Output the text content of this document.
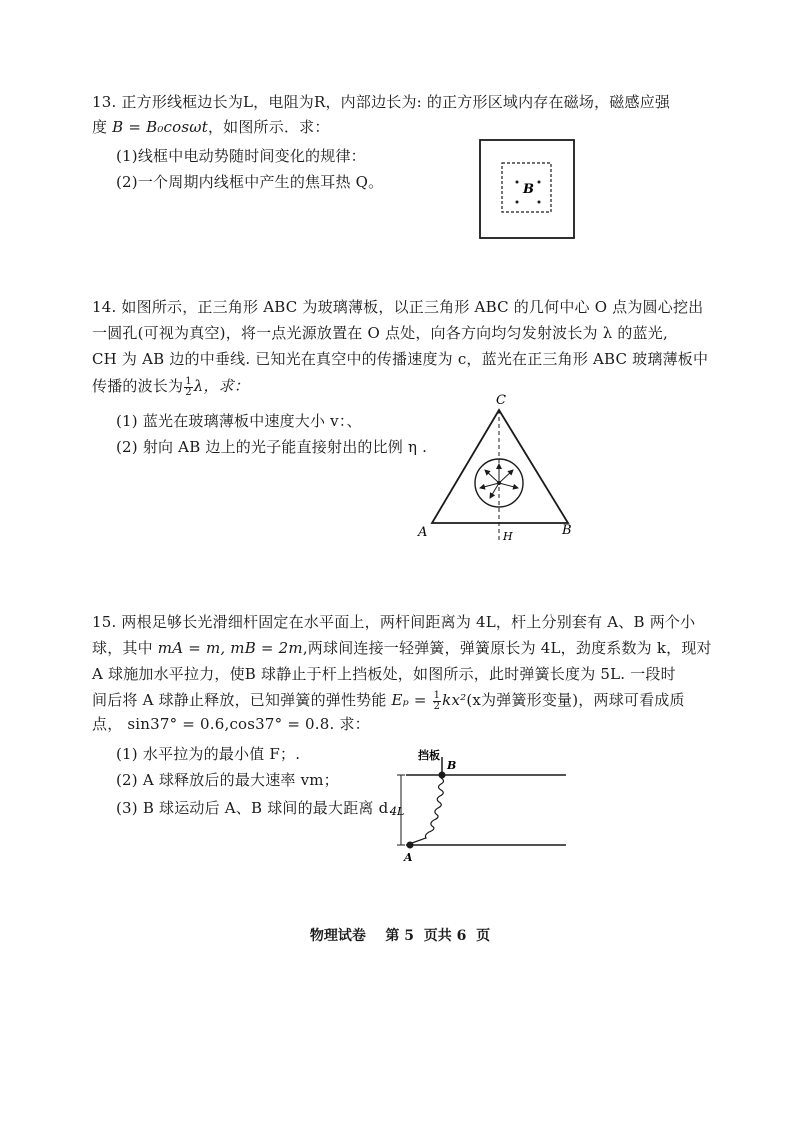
13. 正方形线框边长为L，电阻为R，内部边长为: 的正方形区域内存在磁场，磁感应强
度 B = B₀cosωt，如图所示．求：
(1)线框中电动势随时间变化的规律：
(2)一个周期内线框中产生的焦耳热 Q。	B
14. 如图所示，正三角形 ABC 为玻璃薄板，以正三角形 ABC 的几何中心 O 点为圆心挖出
一圆孔(可视为真空)，将一点光源放置在 O 点处，向各方向均匀发射波长为 λ 的蓝光,
CH 为 AB 边的中垂线. 已知光在真空中的传播速度为 c，蓝光在正三角形 ABC 玻璃薄板中
传播的波长为 $\frac{1}{2}$ λ，求：
(1) 蓝光在玻璃薄板中速度大小 v：、
(2) 射向 AB 边上的光子能直接射出的比例 η .
C
A	B
H
15. 两根足够长光滑细杆固定在水平面上，两杆间距离为 4L，杆上分别套有 A、B 两个小
球，其中 mA = m, mB = 2m,两球间连接一轻弹簧，弹簧原长为 4L，劲度系数为 k，现对
A 球施加水平拉力，使B 球静止于杆上挡板处，如图所示，此时弹簧长度为 5L. 一段时
间后将 A 球静止释放，已知弹簧的弹性势能 $E_p = \frac{1}{2} kx^2(x$为弹簧形变量)，两球可看成质
点， sin37° = 0.6,cos37° = 0.8. 求：
(1) 水平拉为的最小值 F；.
(2) A 球释放后的最大速率 vm；
(3) B 球运动后 A、B 球间的最大距离 d.
4L
挡板
B
A
物理试卷    第 5  页共 6  页
